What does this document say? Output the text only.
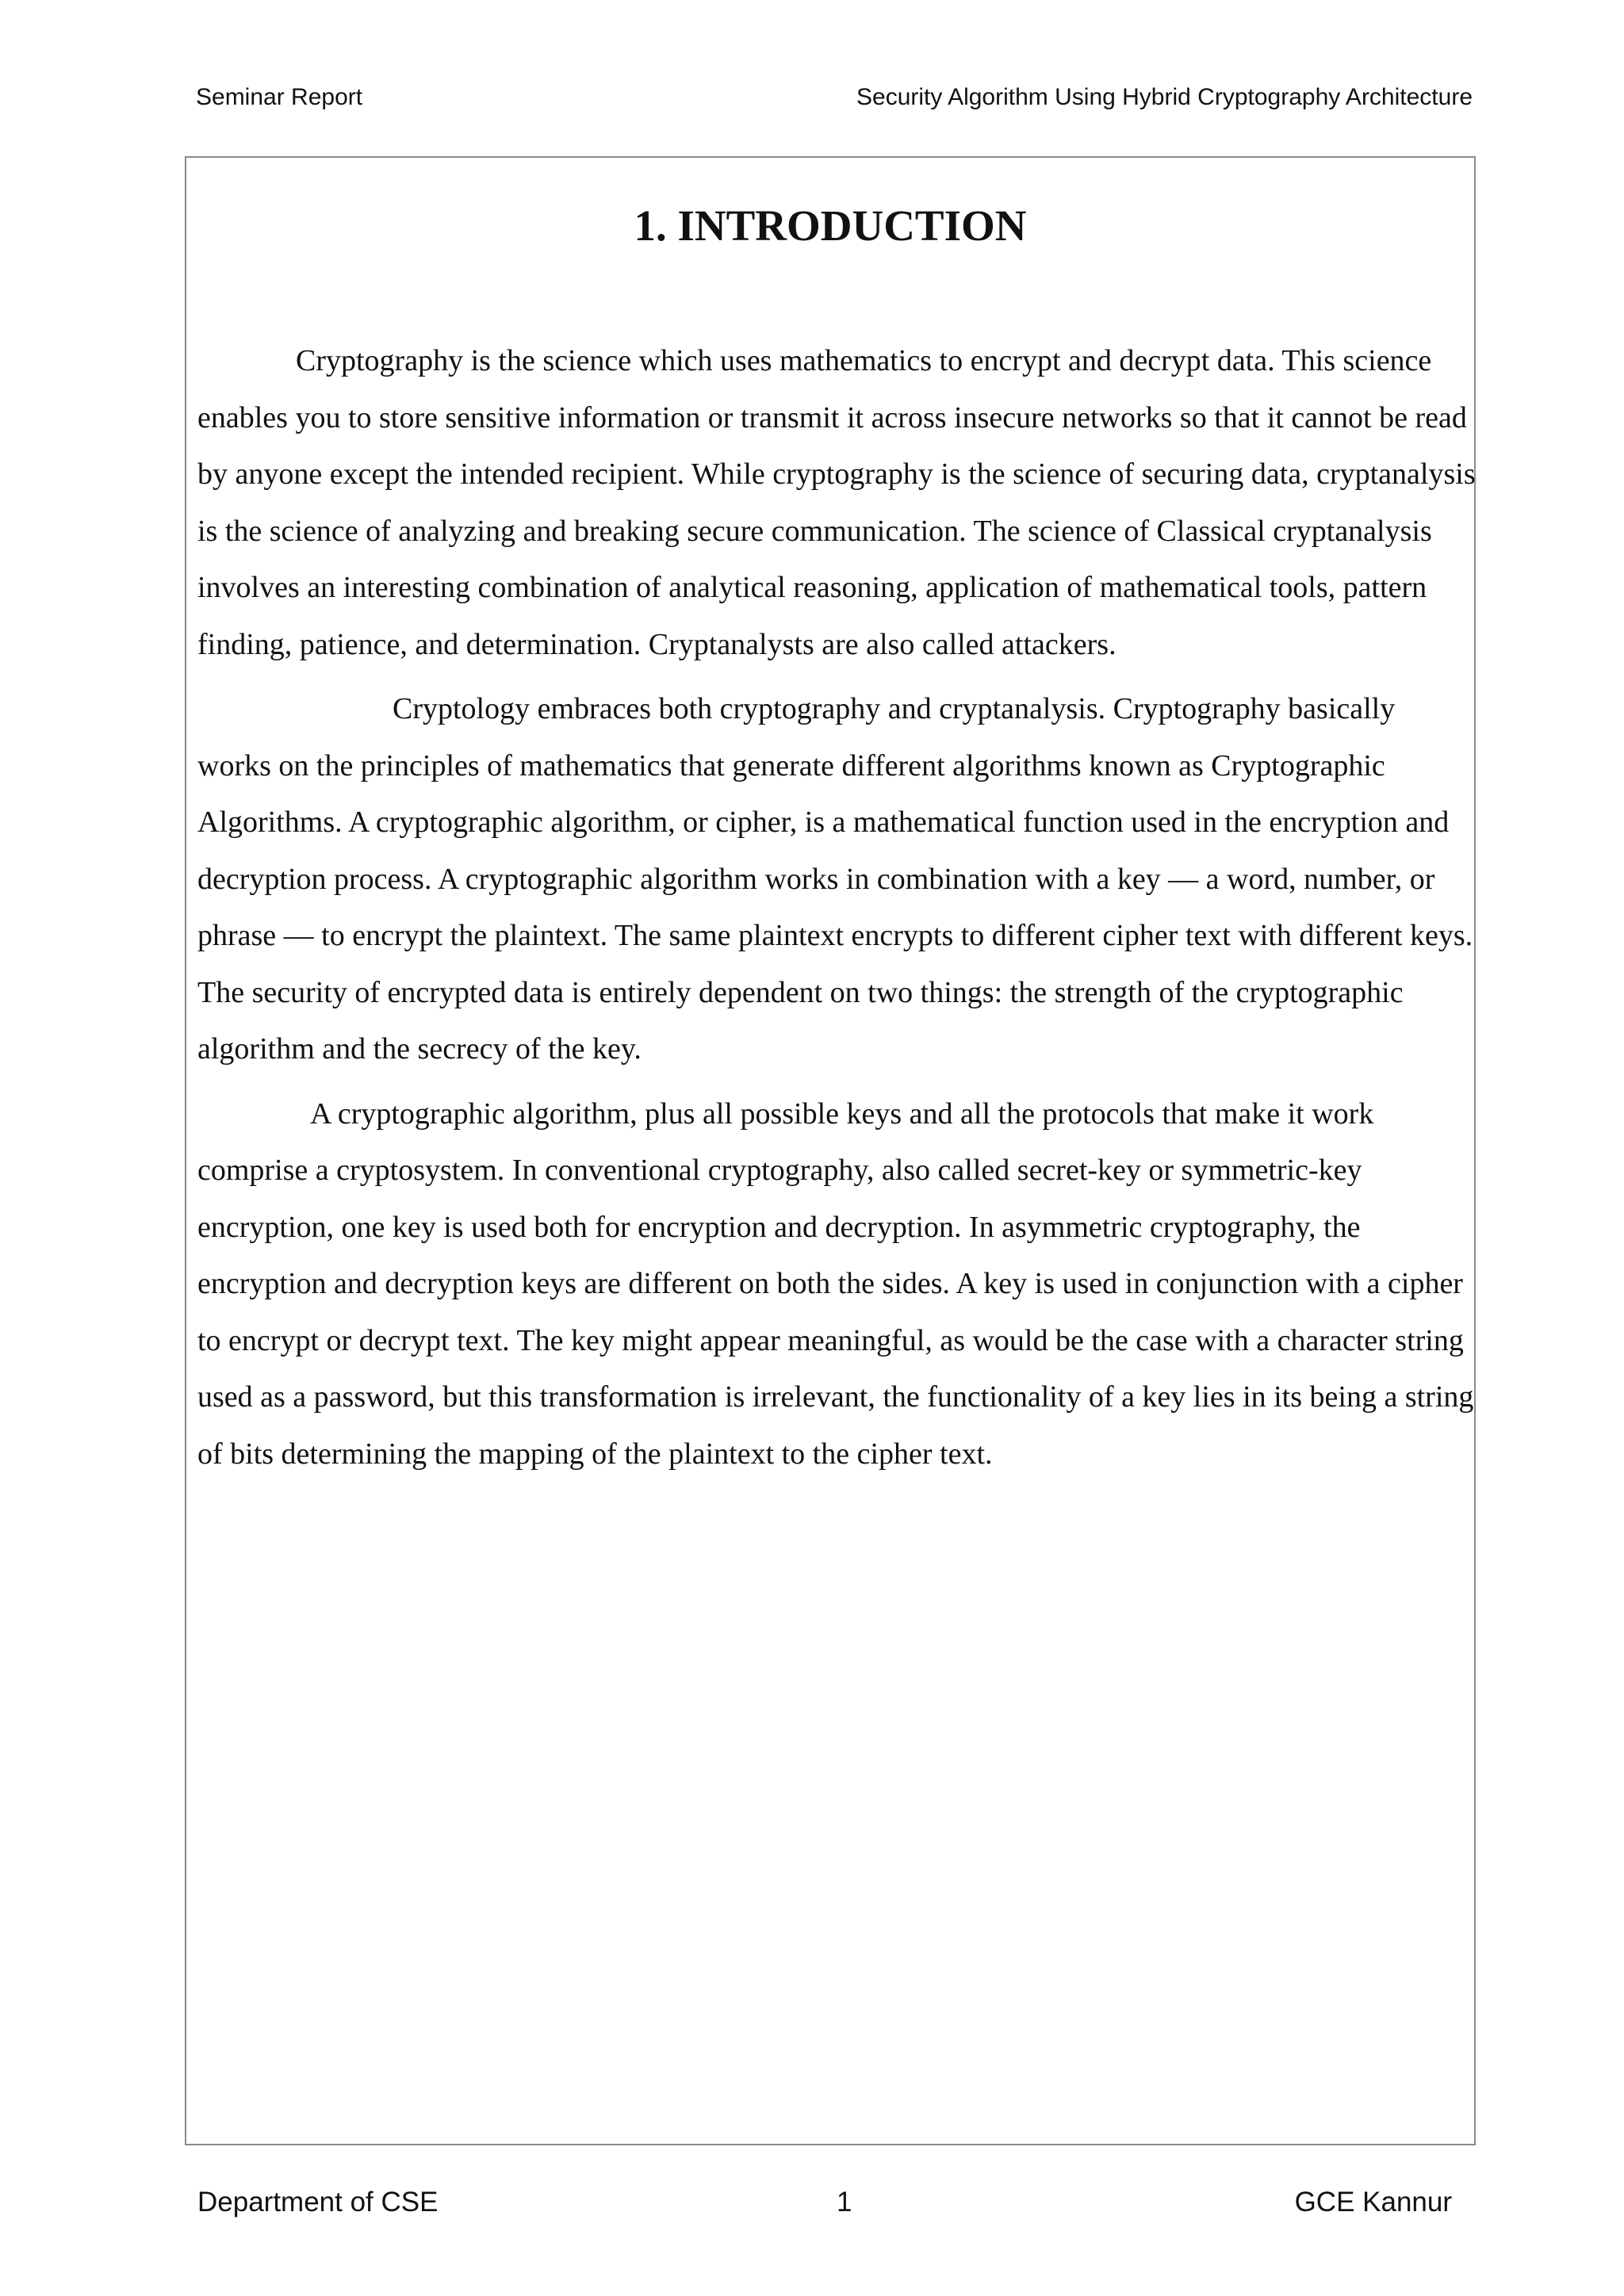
Seminar Report	Security Algorithm Using Hybrid Cryptography Architecture
1. INTRODUCTION

Cryptography is the science which uses mathematics to encrypt and decrypt data. This science enables you to store sensitive information or transmit it across insecure networks so that it cannot be read by anyone except the intended recipient. While cryptography is the science of securing data, cryptanalysis is the science of analyzing and breaking secure communication. The science of Classical cryptanalysis involves an interesting combination of analytical reasoning, application of mathematical tools, pattern finding, patience, and determination. Cryptanalysts are also called attackers.

Cryptology embraces both cryptography and cryptanalysis. Cryptography basically works on the principles of mathematics that generate different algorithms known as Cryptographic Algorithms. A cryptographic algorithm, or cipher, is a mathematical function used in the encryption and decryption process. A cryptographic algorithm works in combination with a key — a word, number, or phrase — to encrypt the plaintext. The same plaintext encrypts to different cipher text with different keys. The security of encrypted data is entirely dependent on two things: the strength of the cryptographic algorithm and the secrecy of the key.

A cryptographic algorithm, plus all possible keys and all the protocols that make it work comprise a cryptosystem. In conventional cryptography, also called secret-key or symmetric-key encryption, one key is used both for encryption and decryption. In asymmetric cryptography, the encryption and decryption keys are different on both the sides. A key is used in conjunction with a cipher to encrypt or decrypt text. The key might appear meaningful, as would be the case with a character string used as a password, but this transformation is irrelevant, the functionality of a key lies in its being a string of bits determining the mapping of the plaintext to the cipher text.

Department of CSE	1	GCE Kannur
